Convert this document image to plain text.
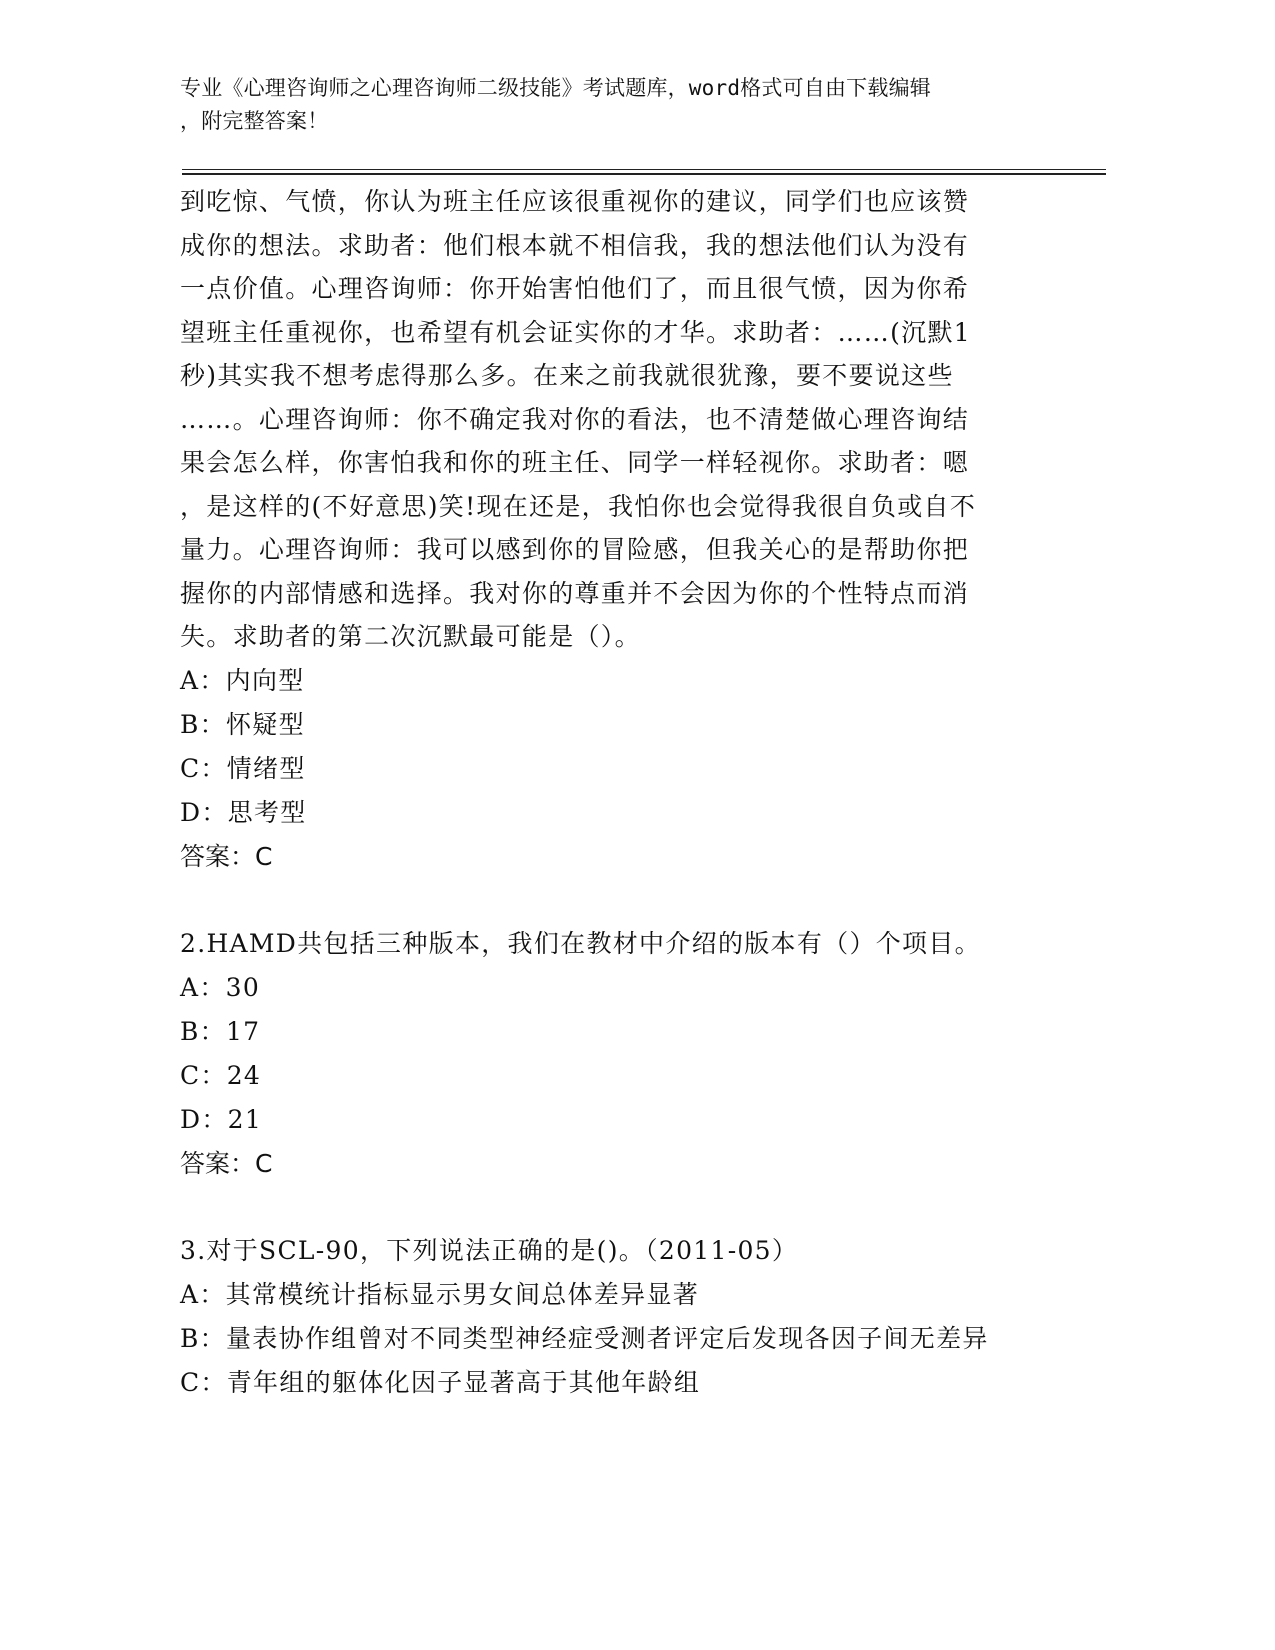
专业《心理咨询师之心理咨询师二级技能》考试题库，word格式可自由下载编辑
，附完整答案！
到吃惊、气愤，你认为班主任应该很重视你的建议，同学们也应该赞
成你的想法。求助者：他们根本就不相信我，我的想法他们认为没有
一点价值。心理咨询师：你开始害怕他们了，而且很气愤，因为你希
望班主任重视你，也希望有机会证实你的才华。求助者：……(沉默1
秒)其实我不想考虑得那么多。在来之前我就很犹豫，要不要说这些
……。心理咨询师：你不确定我对你的看法，也不清楚做心理咨询结
果会怎么样，你害怕我和你的班主任、同学一样轻视你。求助者：嗯
，是这样的(不好意思)笑!现在还是，我怕你也会觉得我很自负或自不
量力。心理咨询师：我可以感到你的冒险感，但我关心的是帮助你把
握你的内部情感和选择。我对你的尊重并不会因为你的个性特点而消
失。求助者的第二次沉默最可能是（）。
A：内向型
B：怀疑型
C：情绪型
D：思考型
答案：C
2.HAMD共包括三种版本，我们在教材中介绍的版本有（）个项目。
A：30
B：17
C：24
D：21
答案：C
3.对于SCL-90，下列说法正确的是()。（2011-05）
A：其常模统计指标显示男女间总体差异显著
B：量表协作组曾对不同类型神经症受测者评定后发现各因子间无差异
C：青年组的躯体化因子显著高于其他年龄组
